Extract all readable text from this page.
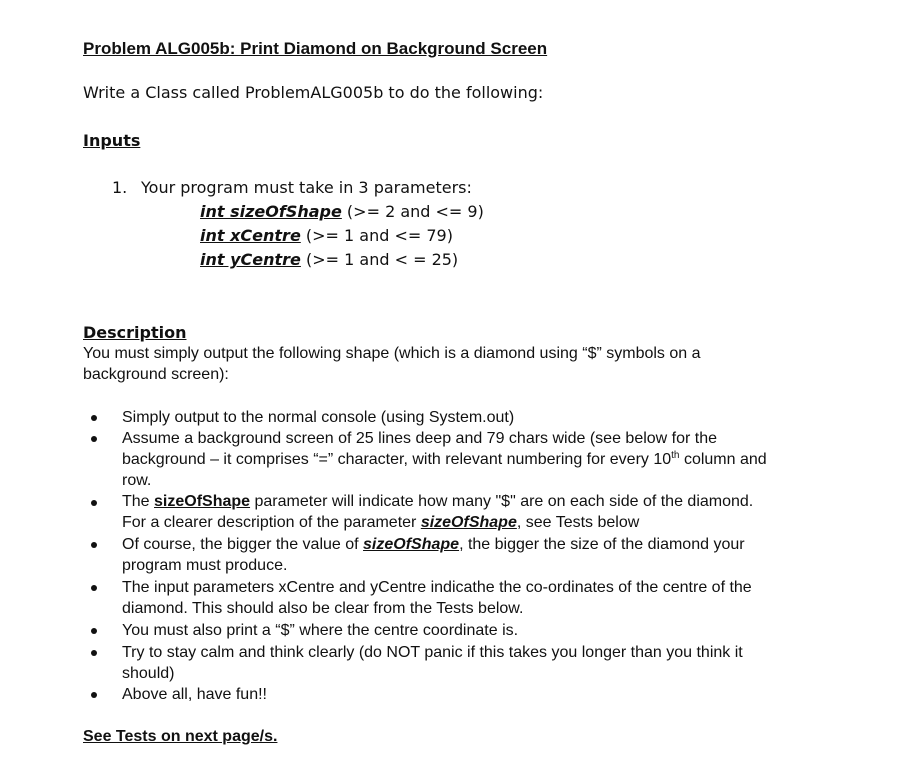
Problem ALG005b: Print Diamond on Background Screen
Write a Class called ProblemALG005b to do the following:
Inputs
1. Your program must take in 3 parameters:
int sizeOfShape (>= 2 and <= 9)
int xCentre (>= 1 and <= 79)
int yCentre (>= 1 and < = 25)
Description
You must simply output the following shape (which is a diamond using “$” symbols on a
background screen):
Simply output to the normal console (using System.out)
Assume a background screen of 25 lines deep and 79 chars wide (see below for the
background – it comprises “=” character, with relevant numbering for every 10th column and
row.
The sizeOfShape parameter will indicate how many "$" are on each side of the diamond.
For a clearer description of the parameter sizeOfShape, see Tests below
Of course, the bigger the value of sizeOfShape, the bigger the size of the diamond your
program must produce.
The input parameters xCentre and yCentre indicathe the co-ordinates of the centre of the
diamond. This should also be clear from the Tests below.
You must also print a “$” where the centre coordinate is.
Try to stay calm and think clearly (do NOT panic if this takes you longer than you think it
should)
Above all, have fun!!
See Tests on next page/s.
